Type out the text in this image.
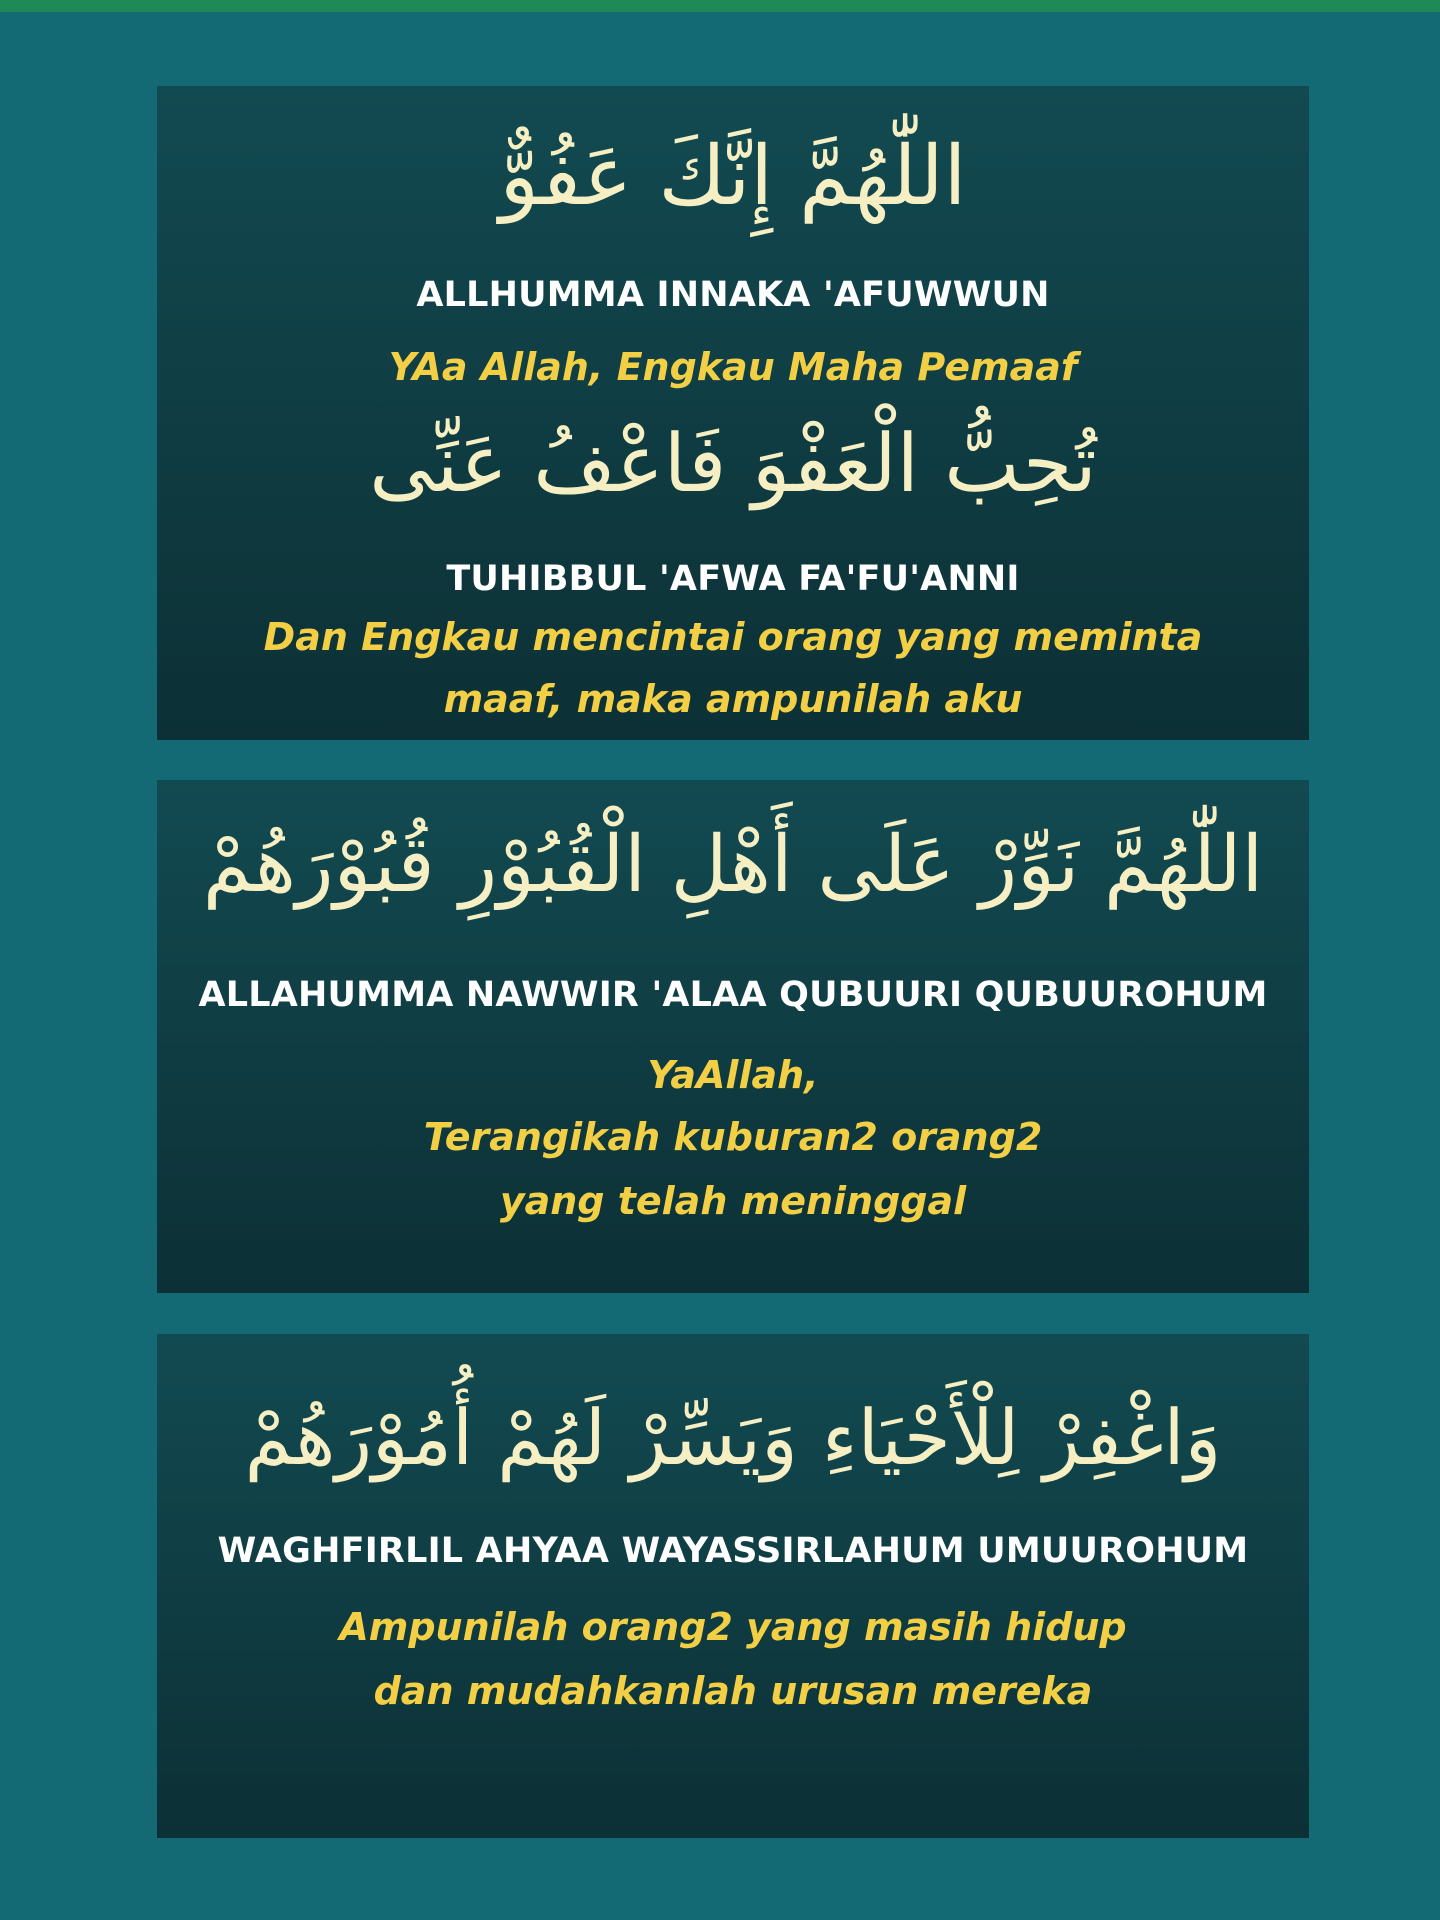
اللّٰهُمَّ إِنَّكَ عَفُوٌّ

ALLHUMMA INNAKA 'AFUWWUN

YAa Allah, Engkau Maha Pemaaf

تُحِبُّ الْعَفْوَ فَاعْفُ عَنِّى

TUHIBBUL 'AFWA FA'FU'ANNI

Dan Engkau mencintai orang yang meminta

maaf, maka ampunilah aku

اللّٰهُمَّ نَوِّرْ عَلَى أَهْلِ الْقُبُوْرِ قُبُوْرَهُمْ

ALLAHUMMA NAWWIR 'ALAA QUBUURI QUBUUROHUM

YaAllah,

Terangikah kuburan2 orang2

yang telah meninggal

وَاغْفِرْ لِلْأَحْيَاءِ وَيَسِّرْ لَهُمْ أُمُوْرَهُمْ

WAGHFIRLIL AHYAA WAYASSIRLAHUM UMUUROHUM

Ampunilah orang2 yang masih hidup

dan mudahkanlah urusan mereka
